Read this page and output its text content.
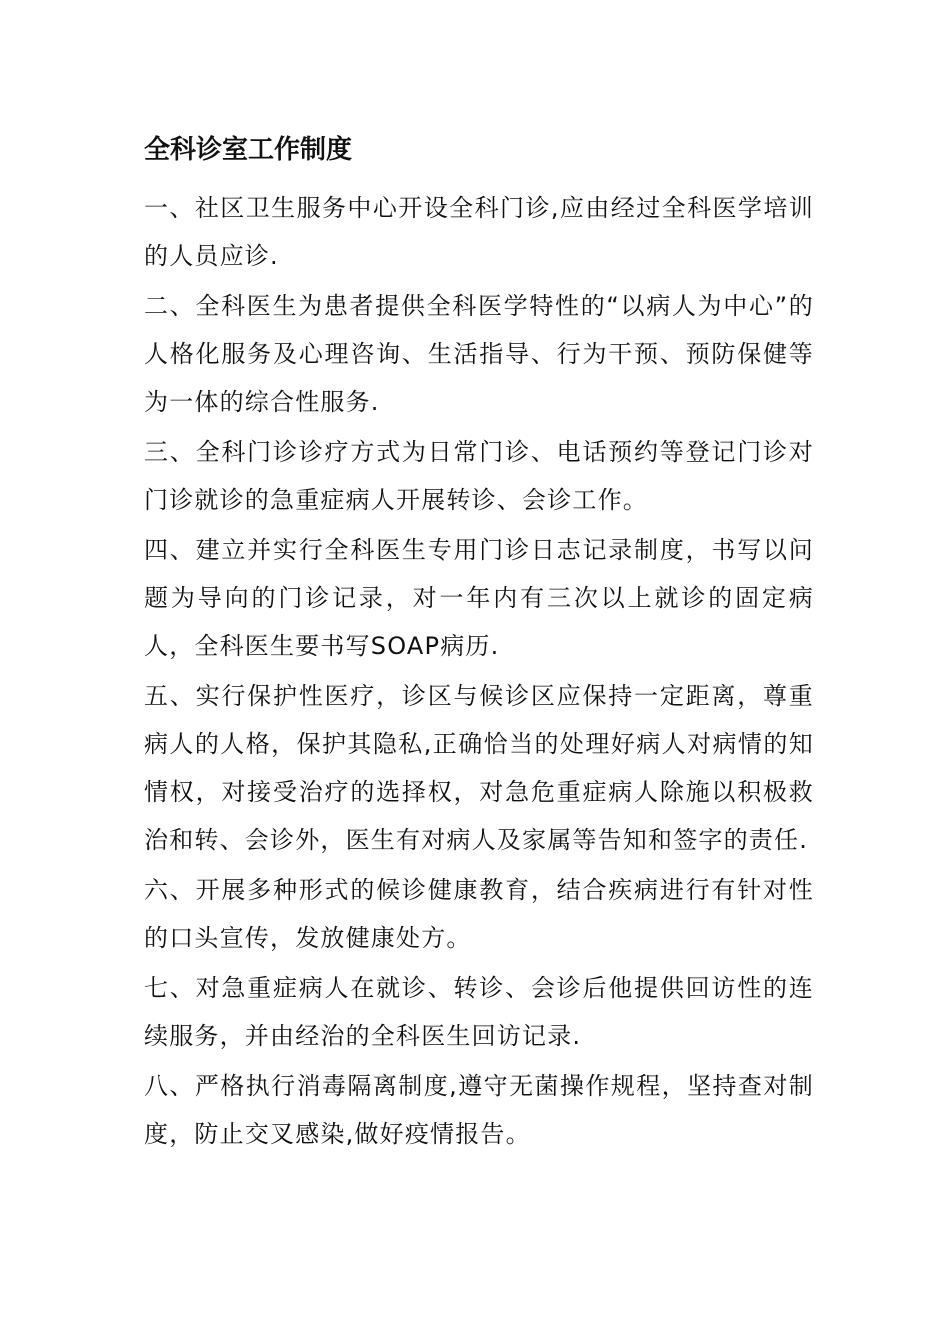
全科诊室工作制度

一、社区卫生服务中心开设全科门诊,应由经过全科医学培训的人员应诊.

二、全科医生为患者提供全科医学特性的“以病人为中心”的人格化服务及心理咨询、生活指导、行为干预、预防保健等为一体的综合性服务.

三、全科门诊诊疗方式为日常门诊、电话预约等登记门诊对门诊就诊的急重症病人开展转诊、会诊工作。

四、建立并实行全科医生专用门诊日志记录制度，书写以问题为导向的门诊记录，对一年内有三次以上就诊的固定病人，全科医生要书写SOAP病历.

五、实行保护性医疗，诊区与候诊区应保持一定距离，尊重病人的人格，保护其隐私,正确恰当的处理好病人对病情的知情权，对接受治疗的选择权，对急危重症病人除施以积极救治和转、会诊外，医生有对病人及家属等告知和签字的责任.

六、开展多种形式的候诊健康教育，结合疾病进行有针对性的口头宣传，发放健康处方。

七、对急重症病人在就诊、转诊、会诊后他提供回访性的连续服务，并由经治的全科医生回访记录.

八、严格执行消毒隔离制度,遵守无菌操作规程，坚持查对制度，防止交叉感染,做好疫情报告。
